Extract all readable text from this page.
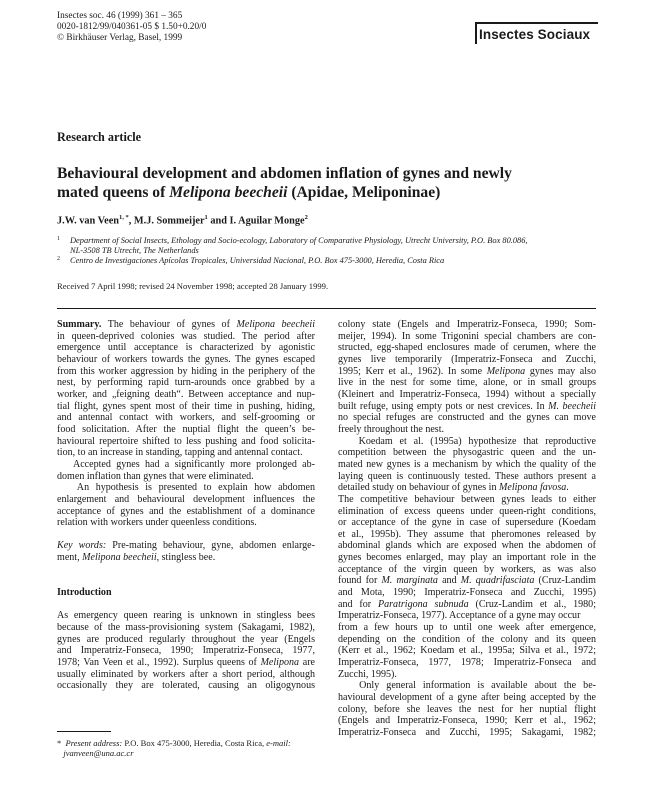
Insectes soc. 46 (1999) 361 – 365
0020-1812/99/040361-05 $ 1.50+0.20/0
© Birkhäuser Verlag, Basel, 1999	Insectes Sociaux
Research article
Behavioural development and abdomen inflation of gynes and newly
mated queens of Melipona beecheii (Apidae, Meliponinae)
J.W. van Veen$^{1, *}$, M.J. Sommeijer$^1$ and I. Aguilar Monge$^2$
1 Department of Social Insects, Ethology and Socio-ecology, Laboratory of Comparative Physiology, Utrecht University, P.O. Box 80.086,
NL-3508 TB Utrecht, The Netherlands
2 Centro de Investigaciones Apícolas Tropicales, Universidad Nacional, P.O. Box 475-3000, Heredia, Costa Rica
Received 7 April 1998; revised 24 November 1998; accepted 28 January 1999.
Summary. The behaviour of gynes of Melipona beecheii
in queen-deprived colonies was studied. The period after
emergence until acceptance is characterized by agonistic
behaviour of workers towards the gynes. The gynes escaped
from this worker aggression by hiding in the periphery of the
nest, by performing rapid turn-arounds once grabbed by a
worker, and „feigning death“. Between acceptance and nup-
tial flight, gynes spent most of their time in pushing, hiding,
and antennal contact with workers, and self-grooming or
food solicitation. After the nuptial flight the queen’s be-
havioural repertoire shifted to less pushing and food solicita-
tion, to an increase in standing, tapping and antennal contact.
Accepted gynes had a significantly more prolonged ab-
domen inflation than gynes that were eliminated.
An hypothesis is presented to explain how abdomen
enlargement and behavioural development influences the
acceptance of gynes and the establishment of a dominance
relation with workers under queenless conditions.
Key words: Pre-mating behaviour, gyne, abdomen enlarge-
ment, Melipona beecheii, stingless bee.
Introduction
As emergency queen rearing is unknown in stingless bees
because of the mass-provisioning system (Sakagami, 1982),
gynes are produced regularly throughout the year (Engels
and Imperatriz-Fonseca, 1990; Imperatriz-Fonseca, 1977,
1978; Van Veen et al., 1992). Surplus queens of Melipona are
usually eliminated by workers after a short period, although
occasionally they are tolerated, causing an oligogynous
colony state (Engels and Imperatriz-Fonseca, 1990; Som-
meijer, 1994). In some Trigonini special chambers are con-
structed, egg-shaped enclosures made of cerumen, where the
gynes live temporarily (Imperatriz-Fonseca and Zucchi,
1995; Kerr et al., 1962). In some Melipona gynes may also
live in the nest for some time, alone, or in small groups
(Kleinert and Imperatriz-Fonseca, 1994) without a specially
built refuge, using empty pots or nest crevices. In M. beecheii
no special refuges are constructed and the gynes can move
freely throughout the nest.
Koedam et al. (1995a) hypothesize that reproductive
competition between the physogastric queen and the un-
mated new gynes is a mechanism by which the quality of the
laying queen is continuously tested. These authors present a
detailed study on behaviour of gynes in Melipona favosa.
The competitive behaviour between gynes leads to either
elimination of excess queens under queen-right conditions,
or acceptance of the gyne in case of supersedure (Koedam
et al., 1995b). They assume that pheromones released by
abdominal glands which are exposed when the abdomen of
gynes becomes enlarged, may play an important role in the
acceptance of the virgin queen by workers, as was also
found for M. marginata and M. quadrifasciata (Cruz-Landim
and Mota, 1990; Imperatriz-Fonseca and Zucchi, 1995)
and for Paratrigona subnuda (Cruz-Landim et al., 1980;
Imperatriz-Fonseca, 1977). Acceptance of a gyne may occur
from a few hours up to until one week after emergence,
depending on the condition of the colony and its queen
(Kerr et al., 1962; Koedam et al., 1995a; Silva et al., 1972;
Imperatriz-Fonseca, 1977, 1978; Imperatriz-Fonseca and
Zucchi, 1995).
Only general information is available about the be-
havioural development of a gyne after being accepted by the
colony, before she leaves the nest for her nuptial flight
(Engels and Imperatriz-Fonseca, 1990; Kerr et al., 1962;
Imperatriz-Fonseca and Zucchi, 1995; Sakagami, 1982;
* Present address: P.O. Box 475-3000, Heredia, Costa Rica, e-mail:
jvanveen@una.ac.cr
